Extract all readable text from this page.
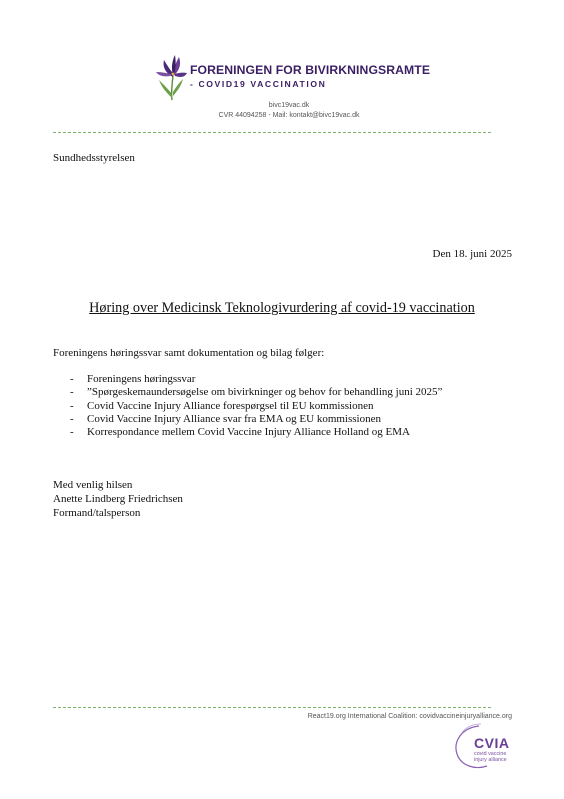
FORENINGEN FOR BIVIRKNINGSRAMTE
- COVID19 VACCINATION
bivc19vac.dk
CVR 44094258 - Mail: kontakt@bivc19vac.dk
Sundhedsstyrelsen
Den 18. juni 2025
Høring over Medicinsk Teknologivurdering af covid-19 vaccination
Foreningens høringssvar samt dokumentation og bilag følger:
- Foreningens høringssvar
- ”Spørgeskemaundersøgelse om bivirkninger og behov for behandling juni 2025”
- Covid Vaccine Injury Alliance forespørgsel til EU kommissionen
- Covid Vaccine Injury Alliance svar fra EMA og EU kommissionen
- Korrespondance mellem Covid Vaccine Injury Alliance Holland og EMA
Med venlig hilsen
Anette Lindberg Friedrichsen
Formand/talsperson
React19.org International Coalition: covidvaccineinjuryalliance.org
CVIA
covid vaccine
injury alliance
